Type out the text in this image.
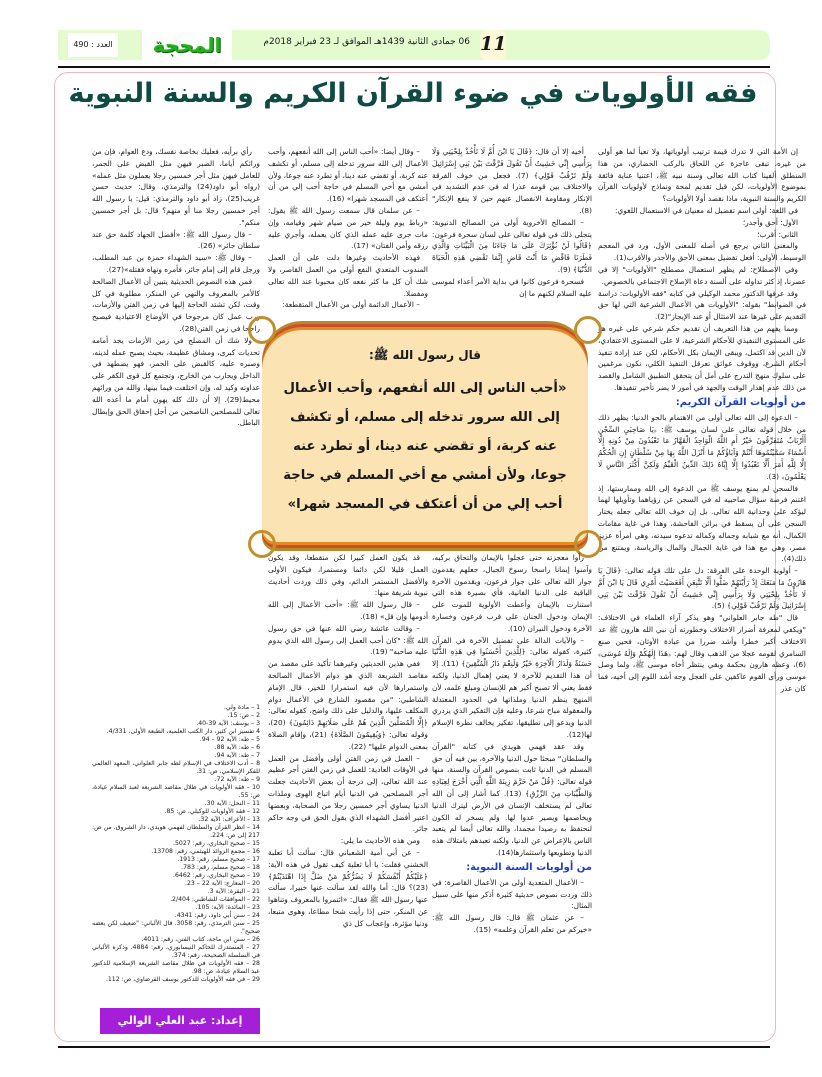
العدد : 490	المحجة	06 جمادى الثانية 1439هـ الموافق لـ 23 فبراير 2018م 11
فقه الأولويات في ضوء القرآن الكريم والسنة النبوية

إن الأمة التي لا تدرك قيمة ترتيب أولوياتها، ولا تعيأ لما هو أولى من غيره، تبقى عاجزة عن اللحاق بالركب الحضاري، من هذا المنطلق ألفينا كتاب الله تعالى وسنة نبيه ﷺ، اعتنيا عناية فائقة بموضوع الأولويات، لكن قبل تقديم لمحة ونماذج لأولويات القرآن الكريم والسنة النبوية، ماذا نقصد أولا الأولويات؟

في اللغة: أولى اسم تفضيل له معنيان في الاستعمال اللغوي:

الأول: أحق وأجدر؛

الثاني: أقرب؛

والمعنى الثاني يرجع في أصله للمعنى الأول، ورد في المعجم الوسيط، الأولى: أفعل تفضيل بمعنى الأحق والأجدر والأقرب(1).

وفي الاصطلاح: لم يظهر استعمال مصطلح "الأولويات" إلا في عصرنا، إذ كثر تداوله على ألسنة دعاة الإصلاح الاجتماعي بالخصوص.

وقد عرفها الدكتور محمد الوكيلي في كتابه "فقه الأولويات: دراسة في الضوابط" بقوله: "الأولويات هي الأعمال الشرعية التي لها حق التقديم على غيرها عند الامتثال أو عند الإيجاز"(2).

ومما يفهم من هذا التعريف أن تقديم حكم شرعي على غيره هو على المستوى التنفيذي للأحكام الشرعية، لا على المستوى الاعتقادي، لأن الدين قد اكتمل، ويبقى الإيمان بكل الأحكام، لكن عند إرادة تنفيذ أحكام الشرع، ووقوف عوائق تعرقل التنفيذ الكلي، نكون مرغمين على سلوك منهج التدرج على أمل أن يتحقق التطبيق الشامل والقصد من ذلك عدم إهدار الوقت والجهد في أمور لا يضر تأخير تنفيذها.

من أولويات القرآن الكريم:

– الدعوة إلى الله تعالى أولى من الاهتمام بالجو الدنيا: يظهر ذلك من خلال قوله تعالى على لسان يوسف ﷺ: ﴿يَا صَاحِبَيِ السِّجْنِ أَأَرْبَابٌ مُتَفَرِّقُونَ خَيْرٌ أَمِ اللَّهُ الْوَاحِدُ الْقَهَّارُ مَا تَعْبُدُونَ مِنْ دُونِهِ إِلَّا أَسْمَاءً سَمَّيْتُمُوهَا أَنْتُمْ وَآبَاؤُكُمْ مَا أَنْزَلَ اللَّهُ بِهَا مِنْ سُلْطَانٍ إِنِ الْحُكْمُ إِلَّا لِلَّهِ أَمَرَ أَلَّا تَعْبُدُوا إِلَّا إِيَّاهُ ذَلِكَ الدِّينُ الْقَيِّمُ وَلَكِنَّ أَكْثَرَ النَّاسِ لَا يَعْلَمُونَ﴾ (3).

فالسجن لم يمنع يوسف ﷺ من الدعوة إلى الله وممارستها، إذ اغتنم فرصة سؤال صاحبيه له في السجن عن رؤياهما وتأويلها لهما ليؤكد على وحدانية الله تعالى. بل إن خوف الله تعالى جعله يختار السجن على أن يسقط في براثن الفاحشة، وهذا في غاية مقامات الكمال، أنه مع شبابه وجماله وكماله تدعوه سيدته، وهي امرأة عزيز مصر، وهي مع هذا في غاية الجمال والمال والرياسة، ويمتنع من ذلك(4).

– أولوية الوحدة على الفرقة: دل على تلك قوله تعالى: ﴿قَالَ يَا هَارُونُ مَا مَنَعَكَ إِذْ رَأَيْتَهُمْ ضَلُّوا أَلَّا تَتَّبِعَنِ أَفَعَصَيْتَ أَمْرِي قَالَ يَا ابْنَ أُمَّ لَا تَأْخُذْ بِلِحْيَتِي وَلَا بِرَأْسِي إِنِّي خَشِيتُ أَنْ تَقُولَ فَرَّقْتَ بَيْنَ بَنِي إِسْرَائِيلَ وَلَمْ تَرْقُبْ قَوْلِي﴾ (5).

قال "طه جابر العلواني" وهو يذكر آراء العلماء في الاختلاف: "ويكفي لمعرفة أضرار الاختلاف وخطورته أن نبي الله هارون ﷺ عد الاختلاف أكبر خطرا وأشد ضررا من عبادة الأوثان، فحين صنع السامري لقومه عجلا من الذهب وقال لهم: ﴿هَذَا إِلَهُكُمْ وَإِلَهُ مُوسَى﴾ (6)، وعظه هارون بحكمة وبقي ينتظر أخاه موسى ﷺ، ولما وصل موسى ورأى القوم عاكفين على العجل وجه أشد اللوم إلى أخيه، فما كان عذر

أخيه إلا أن قال: ﴿قَالَ يَا ابْنَ أُمَّ لَا تَأْخُذْ بِلِحْيَتِي وَلَا بِرَأْسِي إِنِّي خَشِيتُ أَنْ تَقُولَ فَرَّقْتَ بَيْنَ بَنِي إِسْرَائِيلَ وَلَمْ تَرْقُبْ قَوْلِي﴾ (7). فجعل من خوف الفرقة والاختلاف بين قومه عذرا له في عدم التشديد في الإنكار ومقاومة الانفصال عنهم حين لا ينفع الإنكار"(8).

– المصالح الأخروية أولى من المصالح الدنيوية: يتجلى ذلك في قوله تعالى على لسان سحرة فرعون: ﴿قَالُوا لَنْ نُؤْثِرَكَ عَلَى مَا جَاءَنَا مِنَ الْبَيِّنَاتِ وَالَّذِي فَطَرَنَا فَاقْضِ مَا أَنْتَ قَاضٍ إِنَّمَا تَقْضِي هَذِهِ الْحَيَاةَ الدُّنْيَا﴾ (9).

فسحرة فرعون كانوا في بداية الأمر أعداء لموسى عليه السلام لكنهم ما إن

– وقال أيضا: «أحب الناس إلى الله أنفعهم، وأحب الأعمال إلى الله سرور تدخله إلى مسلم، أو تكشف عنه كربة، أو تقضي عنه دينا، أو تطرد عنه جوعا، ولأن أمشي مع أخي المسلم في حاجة أحب إلي من أن أعتكف في المسجد شهرا» (16).

– عن سلمان قال سمعت رسول الله ﷺ يقول: «رباط يوم وليلة خير من صيام شهر وقيامه، وإن مات جرى عليه عمله الذي كان يعمله، وأجري عليه رزقه وأمن الفتان» (17).

فهذه الأحاديث وغيرها دلت على أن العمل المندوب المتعدي النفع أولى من العمل القاصر، ولا شك أن كل ما كثر نفعه كان محبوبا عند الله تعالى ومفضلا.

– الأعمال الدائمة أولى من الأعمال المتقطعة:

رأي برأيه، فعليك بخاصة نفسك، ودع العوام، فإن من ورائكم أياما، الصبر فيهن مثل القبض على الجمر، للعامل فيهن مثل أجر خمسين رجلا يعملون مثل عمله» (رواه أبو داود(24) والترمذي، وقال: حديث حسن غريب(25)، زاد أبو داود والترمذي: قيل: يا رسول الله أجر خمسين رجلا منا أو منهم؟ قال: بل أجر خمسين منكم".

– قال رسول الله ﷺ: «أفضل الجهاد كلمة حق عند سلطان جائر» (26).

– وقال ﷺ: «سيد الشهداء حمزة بن عبد المطلب، ورجل قام إلى إمام جائر، فأمره ونهاه فقتله»(27).

فمن هذه النصوص الحديثية يتبين أن الأعمال الصالحة كالأمر بالمعروف والنهي عن المنكر، مطلوبة في كل وقت، لكن تشتد الحاجة إليها في زمن الفتن والأزمات، ورب عمل كان مرجوحا في الأوضاع الاعتيادية فيصبح راجحا في زمن الفتن(28).

ولا شك أن المصلح في زمن الأزمات يجد أمامه تحديات كبرى، ومشاق عظيمة، بحيث يصبح عمله لدينه، وصبره عليه، كالقبض على الجمر، فهو يضطهد في الداخل ويحارب من الخارج، وتجتمع كل قوى الكفر على عداوته وكيد له، وإن اختلفت فيما بينها، والله من ورائهم محيط(29). إلا أن ذلك كله يهون أمام ما أعده الله تعالى للمصلحين الناصحين من أجل إحقاق الحق وإبطال الباطل.

قال رسول الله ﷺ:
«أحب الناس إلى الله أنفعهم، وأحب الأعمال إلى الله سرور تدخله إلى مسلم، أو تكشف عنه كربة، أو تقضي عنه دينا، أو تطرد عنه جوعا، ولأن أمشي مع أخي المسلم في حاجة أحب إلي من أن أعتكف في المسجد شهرا»

رأوا معجزته حتى عجلوا بالإيمان والتحاق بركبه، وآمنوا إيمانا راسخا رسوخ الجبال، جعلهم يقدمون جوار الله تعالى على جوار فرعون، ويقدمون الآخرة الباقية على الدنيا الفانية، فأي بصيرة هذه التي استنارت بالإيمان وأعطت الأولوية للموت على الإيمان ودخول الجنان على قرب فرعون وخسارة الآخرة ودخول النيران (10).

– والآيات الدالة على تفضيل الآخرة في القرآن كثيرة، كقوله تعالى: ﴿لِلَّذِينَ أَحْسَنُوا فِي هَذِهِ الدُّنْيَا حَسَنَةٌ وَلَدَارُ الْآخِرَةِ خَيْرٌ وَلَنِعْمَ دَارُ الْمُتَّقِينَ﴾ (11). إلا أن هذا التقديم للآخرة لا يعني إهمال الدنيا، ولكنه فقط يعني ألا تصبح أكبر هم للإنسان ومبلغ علمه، لأن المنهج ينظم الدنيا وملذاتها في الحدود المعتدلة والمعقولة مباح شرعا، وعليه فإن التفكير الذي يزدري الدنيا ويدعو إلى تطليقها، تفكير يخالف نظرة الإسلام لها(12).

وقد عقد فهمي هويدي في كتابه "القرآن والسلطان" مبحثا حول الدنيا والآخرة، بين فيه أن حق المسلم في الدنيا ثابت بنصوص القرآن والسنة، منها قوله تعالى: ﴿قُلْ مَنْ حَرَّمَ زِينَةَ اللَّهِ الَّتِي أَخْرَجَ لِعِبَادِهِ وَالطَّيِّبَاتِ مِنَ الرِّزْقِ﴾ (13). كما أشار إلى أن الله تعالى لم يستخلف الإنسان في الأرض ليترك الدنيا ويخاصمها ويصير عدوا لها. ولم يسخر له الكون لنحتفظ به رصيدا مجمدا، والله تعالى أيضا لم يتعبد الناس بالإعراض عن الدنيا، ولكنه تعبدهم بامتلاك هذه الدنيا وتطويعها واستثمارها(14).

من أولويات السنة النبوية:

– الأعمال المتعدية أولى من الأعمال القاصرة: في ذلك وردت نصوص حديثية كثيرة أذكر منها على سبيل المثال:

– عن عثمان ﷺ قال: قال رسول الله ﷺ: «خيركم من تعلم القرآن وعلمه» (15).

قد يكون العمل كبيرا لكن منقطعا، وقد يكون العمل قليلا لكن دائما ومستمرا، فيكون الأولى والأفضل المستمر الدائم، وفي ذلك وردت أحاديث نبوية شريفة منها:

– قال رسول الله ﷺ: «أحب الأعمال إلى الله أدومها وإن قل» (18).

– وقالت عائشة رضي الله عنها في حق رسول الله ﷺ: "كان أحب العمل إلى رسول الله الذي يدوم عليه صاحبه" (19).

ففي هذين الحديثين وغيرهما تأكيد على مقصد من مقاصد الشريعة الذي هو دوام الأعمال الصالحة واستمرارها لأن فيه استمرارا للخير، قال الإمام الشاطبي: "من مقصود الشارع في الأعمال دوام المكلف عليها، والدليل على ذلك واضح، كقوله تعالى: ﴿إِلَّا الْمُصَلِّينَ الَّذِينَ هُمْ عَلَى صَلَاتِهِمْ دَائِمُونَ﴾ (20)، وقوله تعالى: ﴿وَيُقِيمُونَ الصَّلَاةَ﴾ (21)، وإقام الصلاة بمعنى الدوام عليها" (22).

– العمل في زمن الفتن أولى وأفضل من العمل في الأوقات العادية: للعمل في زمن الفتن أجر عظيم عند الله تعالى، إلى درجة أن بعض الأحاديث جعلت أجر المصلحين في الدنيا أيام اتباع الهوى وملذات الدنيا يساوي أجر خمسين رجلا من الصحابة، وبعضها اعتبر أفضل الشهداء الذي يقول الحق في وجه حاكم جائر.

ومن هذه الأحاديث ما يلي:

– عن أبي أمية الشعباني قال: سألت أبا ثعلبة الخشني فقلت: يا أبا ثعلبة كيف تقول في هذه الآية: ﴿عَلَيْكُمْ أَنْفُسَكُمْ لَا يَضُرُّكُمْ مَنْ ضَلَّ إِذَا اهْتَدَيْتُمْ﴾ (23)؟ قال: أما والله لقد سألت عنها خبيرا، سألت عنها رسول الله ﷺ فقال: «ائتمروا بالمعروف وتناهوا عن المنكر، حتى إذا رأيت شحا مطاعا، وهوى متبعا، ودنيا مؤثرة، وإعجاب كل ذي

1 – مادة ولي.

2 – ص: 15.

3 – يوسف: الآية 39-40.

4 تفسير ابن كثير، دار الكتب العلمية، الطبعة الأولى، 4/331.

5 – طه: الآية 92 – 94.

6 – طه: الآية 88.

7 – طه: الآية 94.

8 – أدب الاختلاف في الإسلام لطه جابر العلواني، المعهد العالمي للفكر الإسلامي، ص: 31.

9 – طه: الآية 72.

10 – فقه الأولويات في ظلال مقاصد الشريعة لعبد السلام عيادة، ص: 55.

11 – النحل: الآية 30.

12 – فقه الأولويات للوكيلي، ص: 85.

13 – الأعراف: الآية 32.

14 – انظر القرآن والسلطان لفهمي هويدي، دار الشروق، من ص: 217 إلى ص: 224.

15 – صحيح البخاري، رقم: 5027.

16 – مجمع الزوائد للهيثمي، رقم: 13708.

17 – صحيح مسلم، رقم: 1913.

18 – صحيح مسلم، رقم: 783.

19 – صحيح البخاري، رقم: 6462.

20 – المعارج: الآية 22 – 23.

21 – البقرة: الآية 3.

22 – الموافقات للشاطبي: 2/404.

23 – المائدة: الآية: 105.

24 – سنن أبي داود، رقم: 4341.

25 – سنن الترمذي، رقم: 3058. قال الألباني: "ضعيف لكن بعضه صحيح".

26 – سنن ابن ماجة، كتاب الفتن، رقم: 4011.

27 – المستدرك للحاكم النيسابوري، رقم: 4884. وذكره الألباني في السلسلة الصحيحة، رقم: 374.

28 – فقه الأولويات في ظلال مقاصد الشريعة الإسلامية للدكتور عبد السلام عيادة، ص: 98.

29 – في فقه الأولويات للدكتور يوسف القرضاوي، ص: 112.

إعداد: عبد العلي الوالي
